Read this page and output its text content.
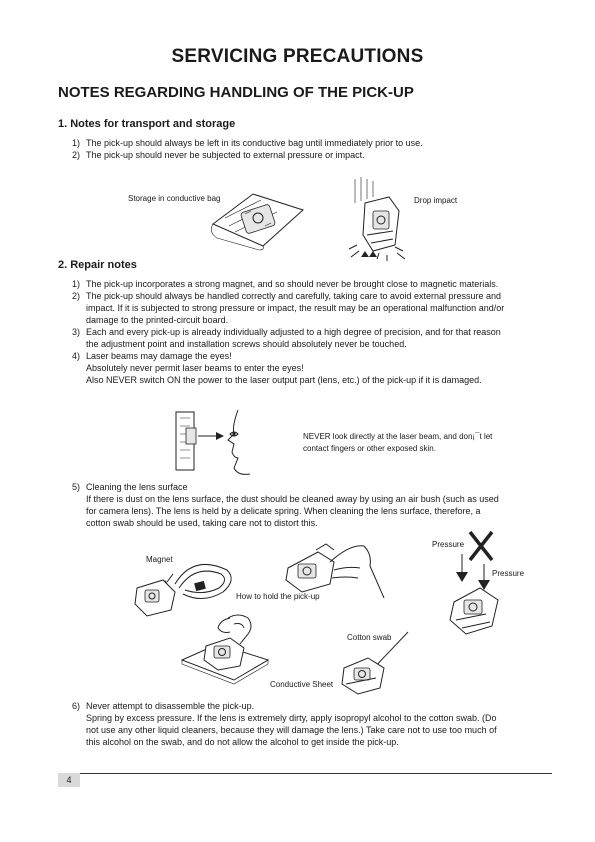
SERVICING PRECAUTIONS
NOTES REGARDING HANDLING OF THE PICK-UP
1. Notes for transport and storage
1) The pick-up should always be left in its conductive bag until immediately prior to use.
2) The pick-up should never be subjected to external pressure or impact.
Storage in conductive bag	Drop impact
2. Repair notes
1) The pick-up incorporates a strong magnet, and so should never be brought close to magnetic materials.
2) The pick-up should always be handled correctly and carefully, taking care to avoid external pressure and
impact. If it is subjected to strong pressure or impact, the result may be an operational malfunction and/or
damage to the printed-circuit board.
3) Each and every pick-up is already individually adjusted to a high degree of precision, and for that reason
the adjustment point and installation screws should absolutely never be touched.
4) Laser beams may damage the eyes!
Absolutely never permit laser beams to enter the eyes!
Also NEVER switch ON the power to the laser output part (lens, etc.) of the pick-up if it is damaged.
NEVER look directly at the laser beam, and don¡¯t let
contact fingers or other exposed skin.
5) Cleaning the lens surface
If there is dust on the lens surface, the dust should be cleaned away by using an air bush (such as used
for camera lens). The lens is held by a delicate spring. When cleaning the lens surface, therefore, a
cotton swab should be used, taking care not to distort this.
Magnet
How to hold the pick-up
Pressure
Pressure
Conductive Sheet
Cotton swab
6) Never attempt to disassemble the pick-up.
Spring by excess pressure. If the lens is extremely dirty, apply isopropyl alcohol to the cotton swab. (Do
not use any other liquid cleaners, because they will damage the lens.) Take care not to use too much of
this alcohol on the swab, and do not allow the alcohol to get inside the pick-up.
4
